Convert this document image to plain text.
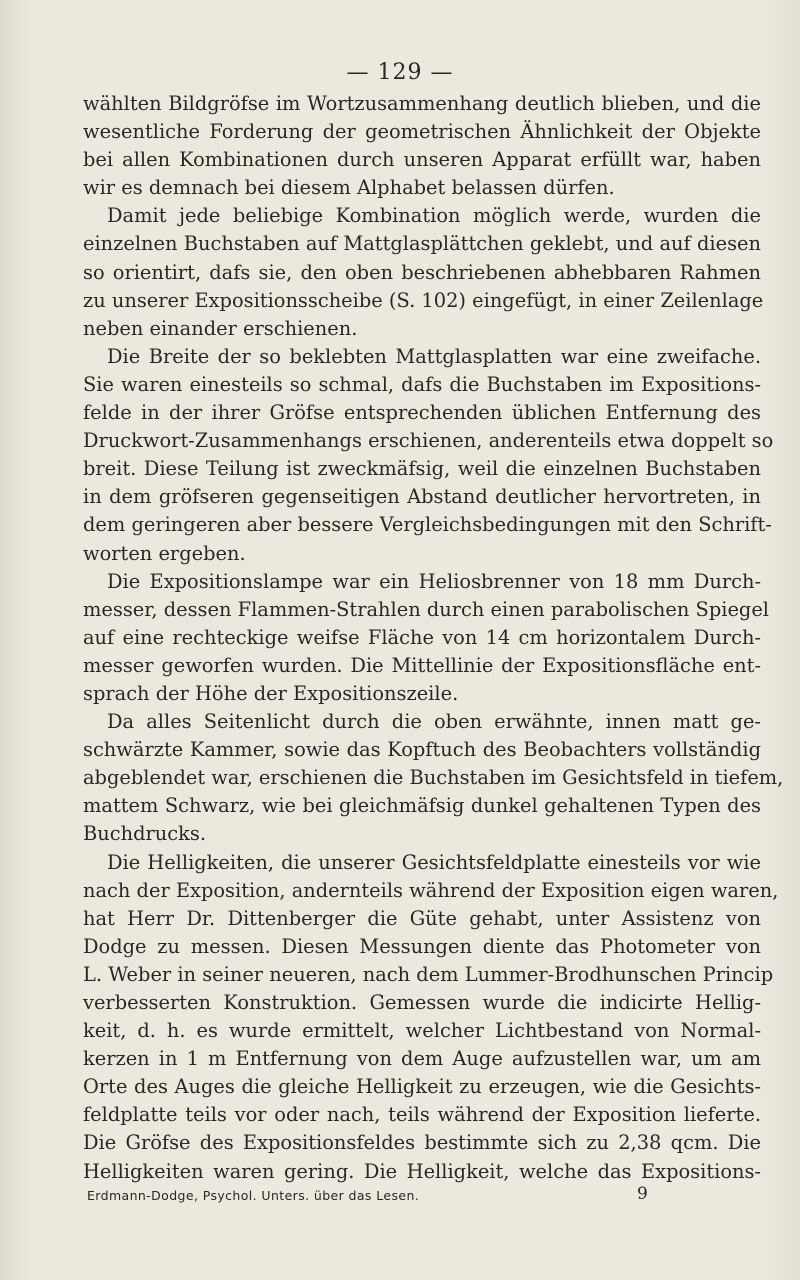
— 129 —
wählten Bildgröfse im Wortzusammenhang deutlich blieben, und die
wesentliche Forderung der geometrischen Ähnlichkeit der Objekte
bei allen Kombinationen durch unseren Apparat erfüllt war, haben
wir es demnach bei diesem Alphabet belassen dürfen.
Damit jede beliebige Kombination möglich werde, wurden die
einzelnen Buchstaben auf Mattglasplättchen geklebt, und auf diesen
so orientirt, dafs sie, den oben beschriebenen abhebbaren Rahmen
zu unserer Expositionsscheibe (S. 102) eingefügt, in einer Zeilenlage
neben einander erschienen.
Die Breite der so beklebten Mattglasplatten war eine zweifache.
Sie waren einesteils so schmal, dafs die Buchstaben im Expositions-
felde in der ihrer Gröfse entsprechenden üblichen Entfernung des
Druckwort-Zusammenhangs erschienen, anderenteils etwa doppelt so
breit. Diese Teilung ist zweckmäfsig, weil die einzelnen Buchstaben
in dem gröfseren gegenseitigen Abstand deutlicher hervortreten, in
dem geringeren aber bessere Vergleichsbedingungen mit den Schrift-
worten ergeben.
Die Expositionslampe war ein Heliosbrenner von 18 mm Durch-
messer, dessen Flammen-Strahlen durch einen parabolischen Spiegel
auf eine rechteckige weifse Fläche von 14 cm horizontalem Durch-
messer geworfen wurden. Die Mittellinie der Expositionsfläche ent-
sprach der Höhe der Expositionszeile.
Da alles Seitenlicht durch die oben erwähnte, innen matt ge-
schwärzte Kammer, sowie das Kopftuch des Beobachters vollständig
abgeblendet war, erschienen die Buchstaben im Gesichtsfeld in tiefem,
mattem Schwarz, wie bei gleichmäfsig dunkel gehaltenen Typen des
Buchdrucks.
Die Helligkeiten, die unserer Gesichtsfeldplatte einesteils vor wie
nach der Exposition, andernteils während der Exposition eigen waren,
hat Herr Dr. Dittenberger die Güte gehabt, unter Assistenz von
Dodge zu messen. Diesen Messungen diente das Photometer von
L. Weber in seiner neueren, nach dem Lummer-Brodhunschen Princip
verbesserten Konstruktion. Gemessen wurde die indicirte Hellig-
keit, d. h. es wurde ermittelt, welcher Lichtbestand von Normal-
kerzen in 1 m Entfernung von dem Auge aufzustellen war, um am
Orte des Auges die gleiche Helligkeit zu erzeugen, wie die Gesichts-
feldplatte teils vor oder nach, teils während der Exposition lieferte.
Die Gröfse des Expositionsfeldes bestimmte sich zu 2,38 qcm. Die
Helligkeiten waren gering. Die Helligkeit, welche das Expositions-
Erdmann-Dodge, Psychol. Unters. über das Lesen.	9
